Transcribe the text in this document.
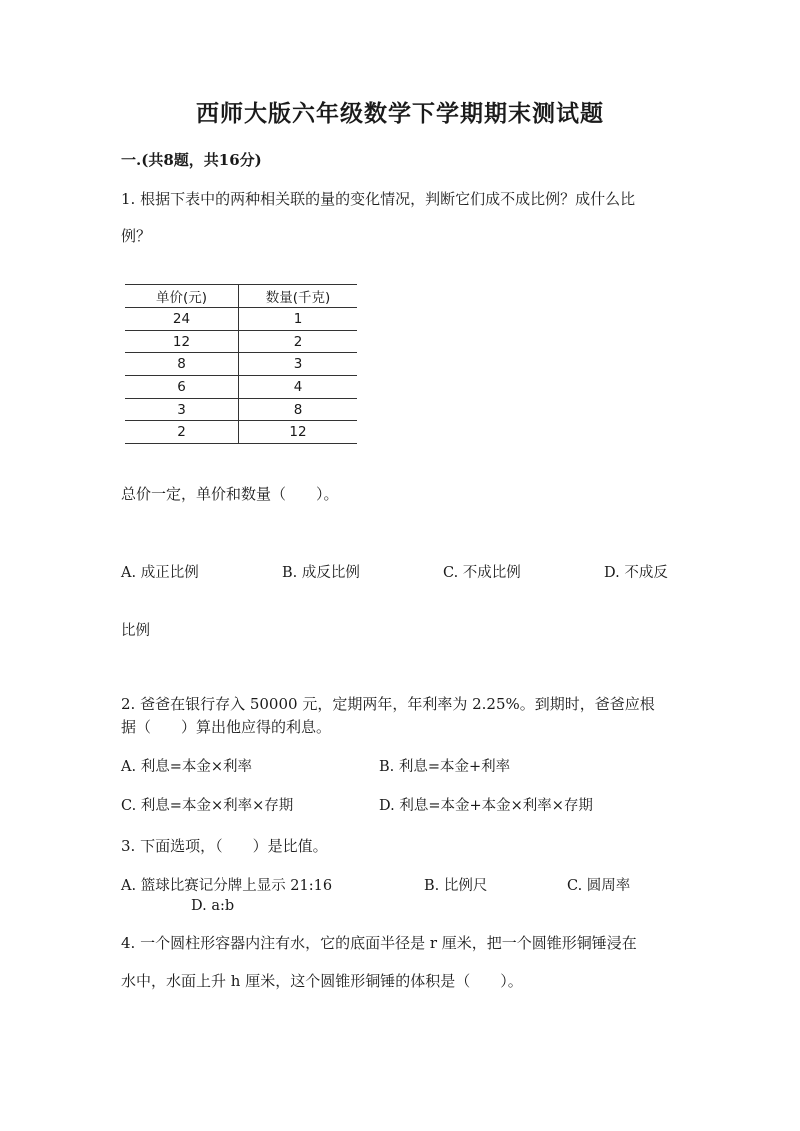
西师大版六年级数学下学期期末测试题
一.(共8题，共16分)
1. 根据下表中的两种相关联的量的变化情况，判断它们成不成比例？成什么比
例？
单价(元)	数量(千克)
24	1
12	2
8	3
6	4
3	8
2	12
总价一定，单价和数量（　　）。
A. 成正比例	B. 成反比例	C. 不成比例	D. 不成反
比例
2. 爸爸在银行存入 50000 元，定期两年，年利率为 2.25%。到期时，爸爸应根
据（　　）算出他应得的利息。
A. 利息=本金×利率	B. 利息=本金+利率
C. 利息=本金×利率×存期	D. 利息=本金+本金×利率×存期
3. 下面选项，（　　）是比值。
A. 篮球比赛记分牌上显示 21:16	B. 比例尺	C. 圆周率
D. a:b
4. 一个圆柱形容器内注有水，它的底面半径是 r 厘米，把一个圆锥形铜锤浸在
水中，水面上升 h 厘米，这个圆锥形铜锤的体积是（　　）。
